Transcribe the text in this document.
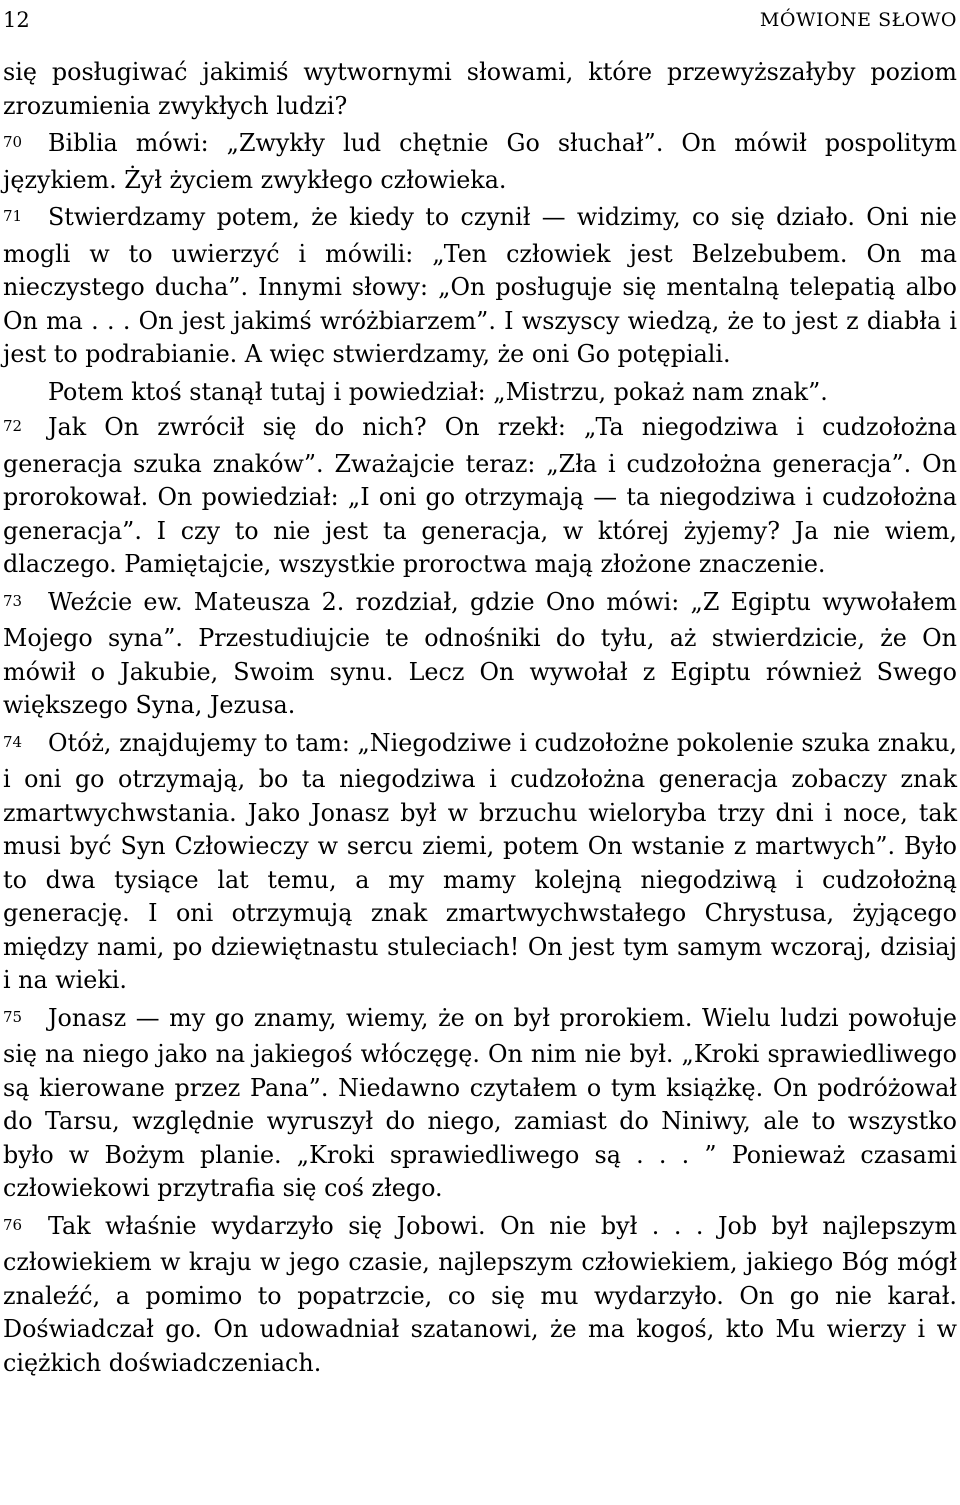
12	MÓWIONE SŁOWO

się posługiwać jakimiś wytwornymi słowami, które przewyższałyby poziom zrozumienia zwykłych ludzi?

70 Biblia mówi: „Zwykły lud chętnie Go słuchał”. On mówił pospolitym językiem. Żył życiem zwykłego człowieka.

71 Stwierdzamy potem, że kiedy to czynił — widzimy, co się działo. Oni nie mogli w to uwierzyć i mówili: „Ten człowiek jest Belzebubem. On ma nieczystego ducha”. Innymi słowy: „On posługuje się mentalną telepatią albo On ma . . . On jest jakimś wróżbiarzem”. I wszyscy wiedzą, że to jest z diabła i jest to podrabianie. A więc stwierdzamy, że oni Go potępiali.

Potem ktoś stanął tutaj i powiedział: „Mistrzu, pokaż nam znak”.

72 Jak On zwrócił się do nich? On rzekł: „Ta niegodziwa i cudzołożna generacja szuka znaków”. Zważajcie teraz: „Zła i cudzołożna generacja”. On prorokował. On powiedział: „I oni go otrzymają — ta niegodziwa i cudzołożna generacja”. I czy to nie jest ta generacja, w której żyjemy? Ja nie wiem, dlaczego. Pamiętajcie, wszystkie proroctwa mają złożone znaczenie.

73 Weźcie ew. Mateusza 2. rozdział, gdzie Ono mówi: „Z Egiptu wywołałem Mojego syna”. Przestudiujcie te odnośniki do tyłu, aż stwierdzicie, że On mówił o Jakubie, Swoim synu. Lecz On wywołał z Egiptu również Swego większego Syna, Jezusa.

74 Otóż, znajdujemy to tam: „Niegodziwe i cudzołożne pokolenie szuka znaku, i oni go otrzymają, bo ta niegodziwa i cudzołożna generacja zobaczy znak zmartwychwstania. Jako Jonasz był w brzuchu wieloryba trzy dni i noce, tak musi być Syn Człowieczy w sercu ziemi, potem On wstanie z martwych”. Było to dwa tysiące lat temu, a my mamy kolejną niegodziwą i cudzołożną generację. I oni otrzymują znak zmartwychwstałego Chrystusa, żyjącego między nami, po dziewiętnastu stuleciach! On jest tym samym wczoraj, dzisiaj i na wieki.

75 Jonasz — my go znamy, wiemy, że on był prorokiem. Wielu ludzi powołuje się na niego jako na jakiegoś włóczęgę. On nim nie był. „Kroki sprawiedliwego są kierowane przez Pana”. Niedawno czytałem o tym książkę. On podróżował do Tarsu, względnie wyruszył do niego, zamiast do Niniwy, ale to wszystko było w Bożym planie. „Kroki sprawiedliwego są . . . ” Ponieważ czasami człowiekowi przytrafia się coś złego.

76 Tak właśnie wydarzyło się Jobowi. On nie był . . . Job był najlepszym człowiekiem w kraju w jego czasie, najlepszym człowiekiem, jakiego Bóg mógł znaleźć, a pomimo to popatrzcie, co się mu wydarzyło. On go nie karał. Doświadczał go. On udowadniał szatanowi, że ma kogoś, kto Mu wierzy i w ciężkich doświadczeniach.
